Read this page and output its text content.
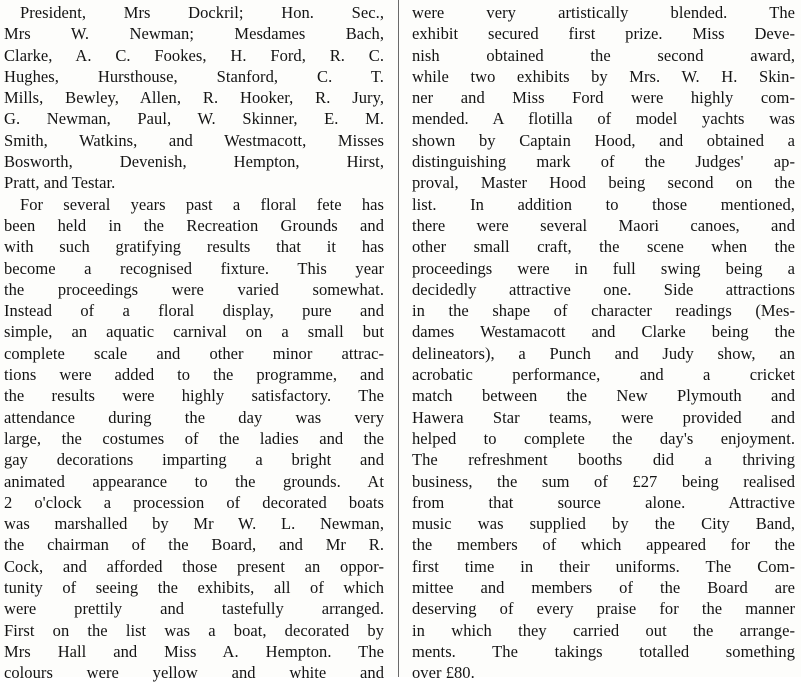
President, Mrs Dockril; Hon. Sec.,
Mrs W. Newman; Mesdames Bach,
Clarke, A. C. Fookes, H. Ford, R. C.
Hughes, Hursthouse, Stanford, C. T.
Mills, Bewley, Allen, R. Hooker, R. Jury,
G. Newman, Paul, W. Skinner, E. M.
Smith, Watkins, and Westmacott, Misses
Bosworth, Devenish, Hempton, Hirst,
Pratt, and Testar.
For several years past a floral fete has
been held in the Recreation Grounds and
with such gratifying results that it has
become a recognised fixture. This year
the proceedings were varied somewhat.
Instead of a floral display, pure and
simple, an aquatic carnival on a small but
complete scale and other minor attrac-
tions were added to the programme, and
the results were highly satisfactory. The
attendance during the day was very
large, the costumes of the ladies and the
gay decorations imparting a bright and
animated appearance to the grounds. At
2 o'clock a procession of decorated boats
was marshalled by Mr W. L. Newman,
the chairman of the Board, and Mr R.
Cock, and afforded those present an oppor-
tunity of seeing the exhibits, all of which
were prettily and tastefully arranged.
First on the list was a boat, decorated by
Mrs Hall and Miss A. Hempton. The
colours were yellow and white and
were very artistically blended. The
exhibit secured first prize. Miss Deve-
nish obtained the second award,
while two exhibits by Mrs. W. H. Skin-
ner and Miss Ford were highly com-
mended. A flotilla of model yachts was
shown by Captain Hood, and obtained a
distinguishing mark of the Judges' ap-
proval, Master Hood being second on the
list. In addition to those mentioned,
there were several Maori canoes, and
other small craft, the scene when the
proceedings were in full swing being a
decidedly attractive one. Side attractions
in the shape of character readings (Mes-
dames Westamacott and Clarke being the
delineators), a Punch and Judy show, an
acrobatic performance, and a cricket
match between the New Plymouth and
Hawera Star teams, were provided and
helped to complete the day's enjoyment.
The refreshment booths did a thriving
business, the sum of £27 being realised
from that source alone. Attractive
music was supplied by the City Band,
the members of which appeared for the
first time in their uniforms. The Com-
mittee and members of the Board are
deserving of every praise for the manner
in which they carried out the arrange-
ments. The takings totalled something
over £80.
